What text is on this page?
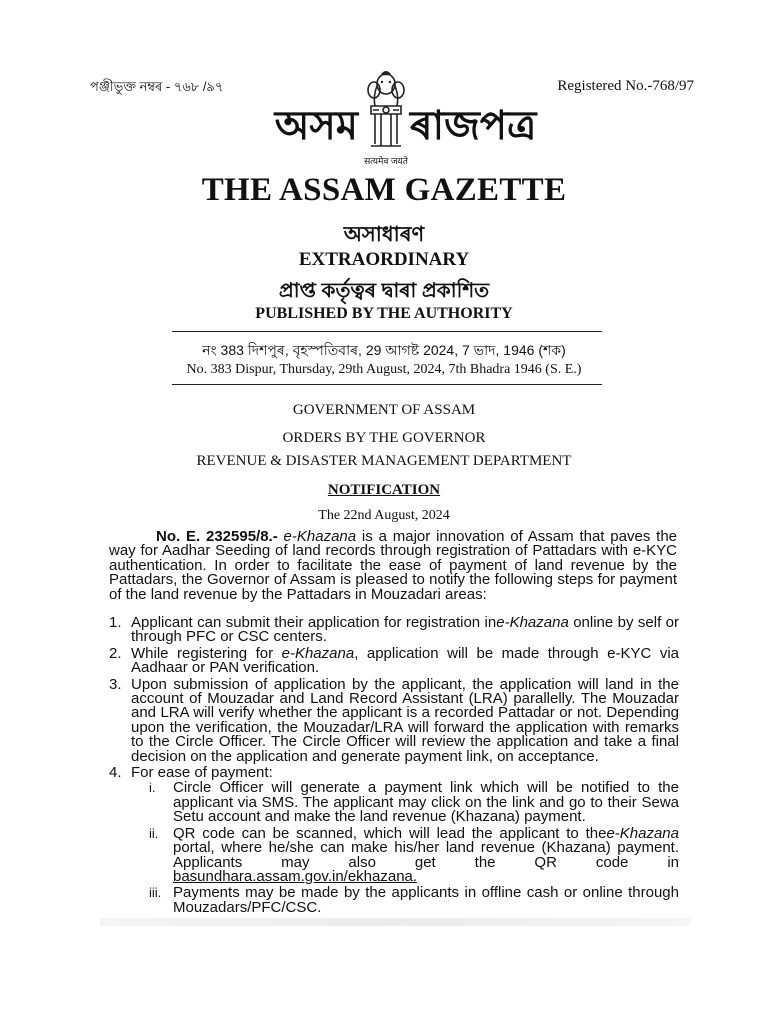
পঞ্জীভুক্ত নম্বৰ - ৭৬৮ /৯৭	Registered No.-768/97
অসম
सत्यमेव जयते
ৰাজপত্ৰ
THE ASSAM GAZETTE
অসাধাৰণ
EXTRAORDINARY
প্ৰাপ্ত কৰ্তৃত্বৰ দ্বাৰা প্ৰকাশিত
PUBLISHED BY THE AUTHORITY
নং 383 দিশপুৰ, বৃহস্পতিবাৰ, 29 আগষ্ট 2024, 7 ভাদ, 1946 (শক)
No. 383 Dispur, Thursday, 29th August, 2024, 7th Bhadra 1946 (S. E.)
GOVERNMENT OF ASSAM
ORDERS BY THE GOVERNOR
REVENUE & DISASTER MANAGEMENT DEPARTMENT
NOTIFICATION
The 22nd August, 2024
No. E. 232595/8.- e-Khazana is a major innovation of Assam that paves the way for Aadhar Seeding of land records through registration of Pattadars with e-KYC authentication. In order to facilitate the ease of payment of land revenue by the Pattadars, the Governor of Assam is pleased to notify the following steps for payment of the land revenue by the Pattadars in Mouzadari areas:
1. Applicant can submit their application for registration ine-Khazana online by self or through PFC or CSC centers.
2. While registering for e-Khazana, application will be made through e-KYC via Aadhaar or PAN verification.
3. Upon submission of application by the applicant, the application will land in the account of Mouzadar and Land Record Assistant (LRA) parallelly. The Mouzadar and LRA will verify whether the applicant is a recorded Pattadar or not. Depending upon the verification, the Mouzadar/LRA will forward the application with remarks to the Circle Officer. The Circle Officer will review the application and take a final decision on the application and generate payment link, on acceptance.
4. For ease of payment:
i. Circle Officer will generate a payment link which will be notified to the applicant via SMS. The applicant may click on the link and go to their Sewa Setu account and make the land revenue (Khazana) payment.
ii. QR code can be scanned, which will lead the applicant to thee-Khazana portal, where he/she can make his/her land revenue (Khazana) payment. Applicants may also get the QR code in basundhara.assam.gov.in/ekhazana.
iii. Payments may be made by the applicants in offline cash or online through Mouzadars/PFC/CSC.
